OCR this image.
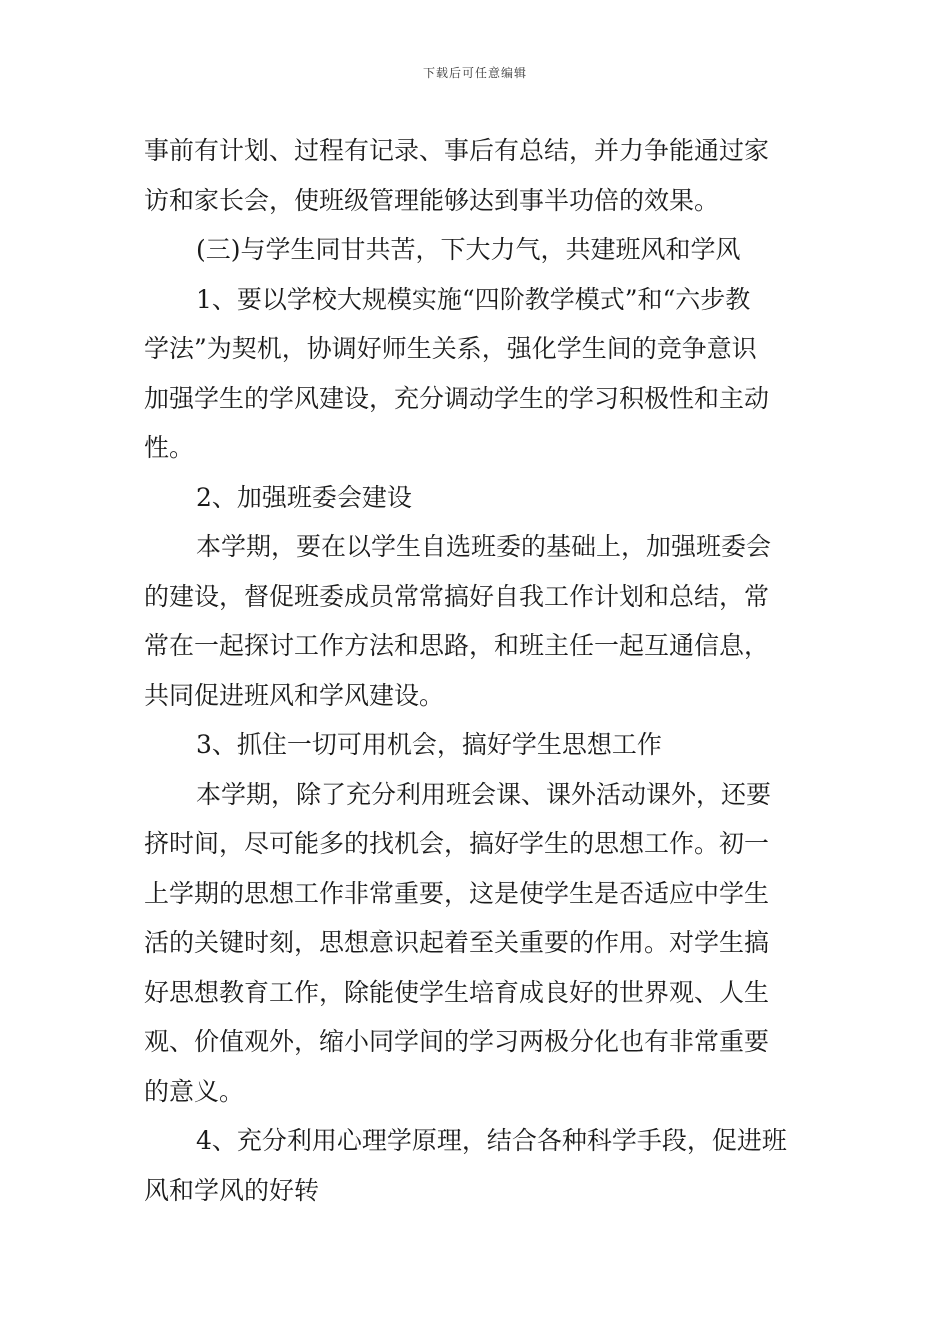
下载后可任意编辑
事前有计划、过程有记录、事后有总结，并力争能通过家
访和家长会，使班级管理能够达到事半功倍的效果。
(三)与学生同甘共苦，下大力气，共建班风和学风
1、要以学校大规模实施“四阶教学模式”和“六步教
学法”为契机，协调好师生关系，强化学生间的竞争意识
加强学生的学风建设，充分调动学生的学习积极性和主动
性。
2、加强班委会建设
本学期，要在以学生自选班委的基础上，加强班委会
的建设，督促班委成员常常搞好自我工作计划和总结，常
常在一起探讨工作方法和思路，和班主任一起互通信息，
共同促进班风和学风建设。
3、抓住一切可用机会，搞好学生思想工作
本学期，除了充分利用班会课、课外活动课外，还要
挤时间，尽可能多的找机会，搞好学生的思想工作。初一
上学期的思想工作非常重要，这是使学生是否适应中学生
活的关键时刻，思想意识起着至关重要的作用。对学生搞
好思想教育工作，除能使学生培育成良好的世界观、人生
观、价值观外，缩小同学间的学习两极分化也有非常重要
的意义。
4、充分利用心理学原理，结合各种科学手段，促进班
风和学风的好转
